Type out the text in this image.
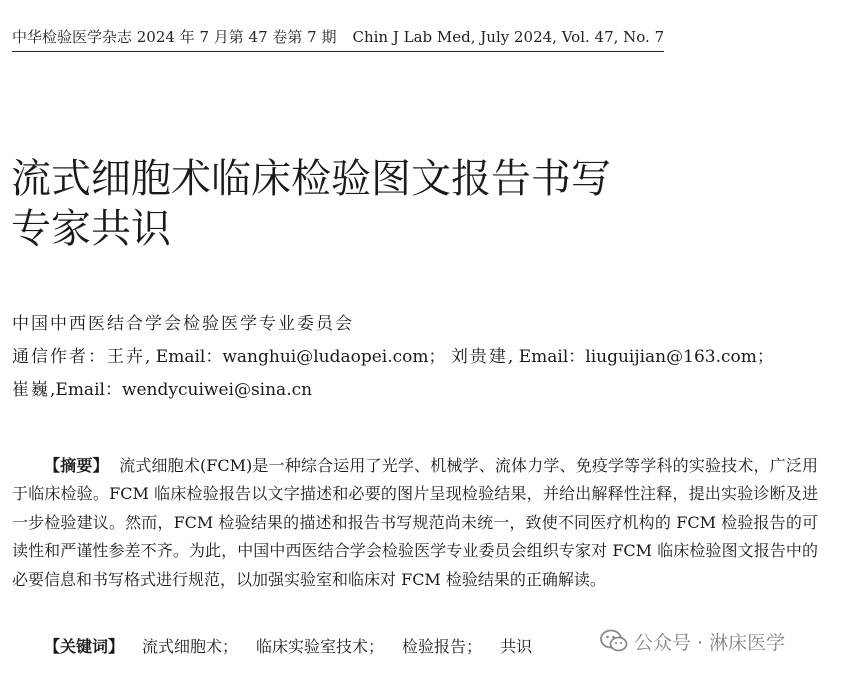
中华检验医学杂志 2024 年 7 月第 47 卷第 7 期 Chin J Lab Med, July 2024, Vol. 47, No. 7
流式细胞术临床检验图文报告书写
专家共识
中国中西医结合学会检验医学专业委员会
通信作者：王卉, Email：wanghui@ludaopei.com； 刘贵建, Email：liuguijian@163.com；
崔巍,Email：wendycuiwei@sina.cn

【摘要】 流式细胞术(FCM)是一种综合运用了光学、机械学、流体力学、免疫学等学科的实验技术，广泛用于临床检验。FCM 临床检验报告以文字描述和必要的图片呈现检验结果，并给出解释性注释，提出实验诊断及进一步检验建议。然而，FCM 检验结果的描述和报告书写规范尚未统一，致使不同医疗机构的 FCM 检验报告的可读性和严谨性参差不齐。为此，中国中西医结合学会检验医学专业委员会组织专家对 FCM 临床检验图文报告中的必要信息和书写格式进行规范，以加强实验室和临床对 FCM 检验结果的正确解读。

【关键词】 流式细胞术； 临床实验室技术； 检验报告； 共识	公众号 · 淋床医学
